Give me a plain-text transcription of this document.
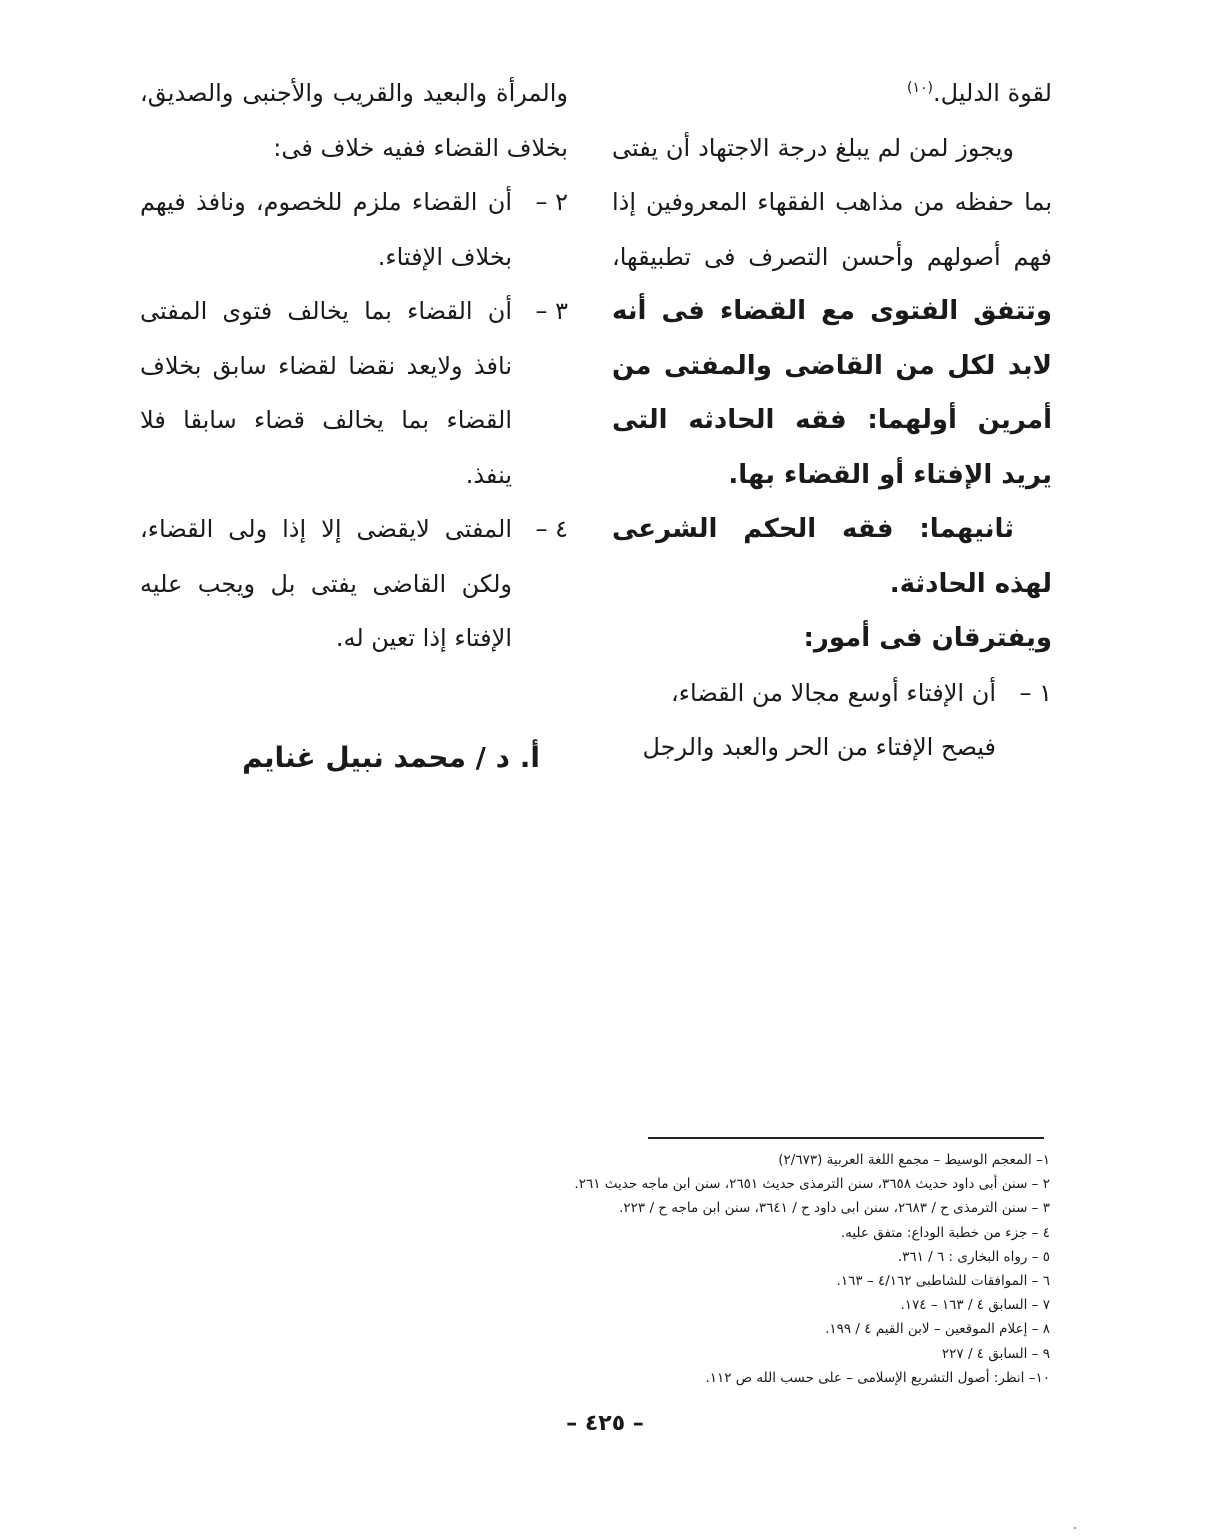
لقوة الدليل.$^{(١٠)}$

ويجوز لمن لم يبلغ درجة الاجتهاد أن يفتى بما حفظه من مذاهب الفقهاء المعروفين إذا فهم أصولهم وأحسن التصرف فى تطبيقها، وتتفق الفتوى مع القضاء فى أنه لابد لكل من القاضى والمفتى من أمرين أولهما: فقه الحادثه التى يريد الإفتاء أو القضاء بها.

ثانيهما: فقه الحكم الشرعى لهذه الحادثة.

ويفترقان فى أمور:

١ –
أن الإفتاء أوسع مجالا من القضاء،

فيصح الإفتاء من الحر والعبد والرجل

والمرأة والبعيد والقريب والأجنبى والصديق، بخلاف القضاء ففيه خلاف فى:

٢ –
أن القضاء ملزم للخصوم، ونافذ فيهم بخلاف الإفتاء.
٣ –
أن القضاء بما يخالف فتوى المفتى نافذ ولايعد نقضا لقضاء سابق بخلاف القضاء بما يخالف قضاء سابقا فلا ينفذ.
٤ –
المفتى لايقضى إلا إذا ولى القضاء، ولكن القاضى يفتى بل ويجب عليه الإفتاء إذا تعين له.
أ. د / محمد نبيل غنايم
١– المعجم الوسيط – مجمع اللغة العربية (٢/٦٧٣)
٢ – سنن أبى داود حديث ٣٦٥٨، سنن الترمذى حديث ٢٦٥١، سنن ابن ماجه حديث ٢٦١.
٣ – سنن الترمذى ح / ٢٦٨٣، سنن ابى داود ح / ٣٦٤١، سنن ابن ماجه ح / ٢٢٣.
٤ – جزء من خطبة الوداع: متفق عليه.
٥ – رواه البخارى : ٦ / ٣٦١.
٦ – الموافقات للشاطبى ٤/١٦٢ – ١٦٣.
٧ – السابق ٤ / ١٦٣ – ١٧٤.
٨ – إعلام الموقعين – لابن القيم ٤ / ١٩٩.
٩ – السابق ٤ / ٢٢٧
١٠– انظر: أصول التشريع الإسلامى – على حسب الله ص ١١٢.
– ٤٢٥ –
